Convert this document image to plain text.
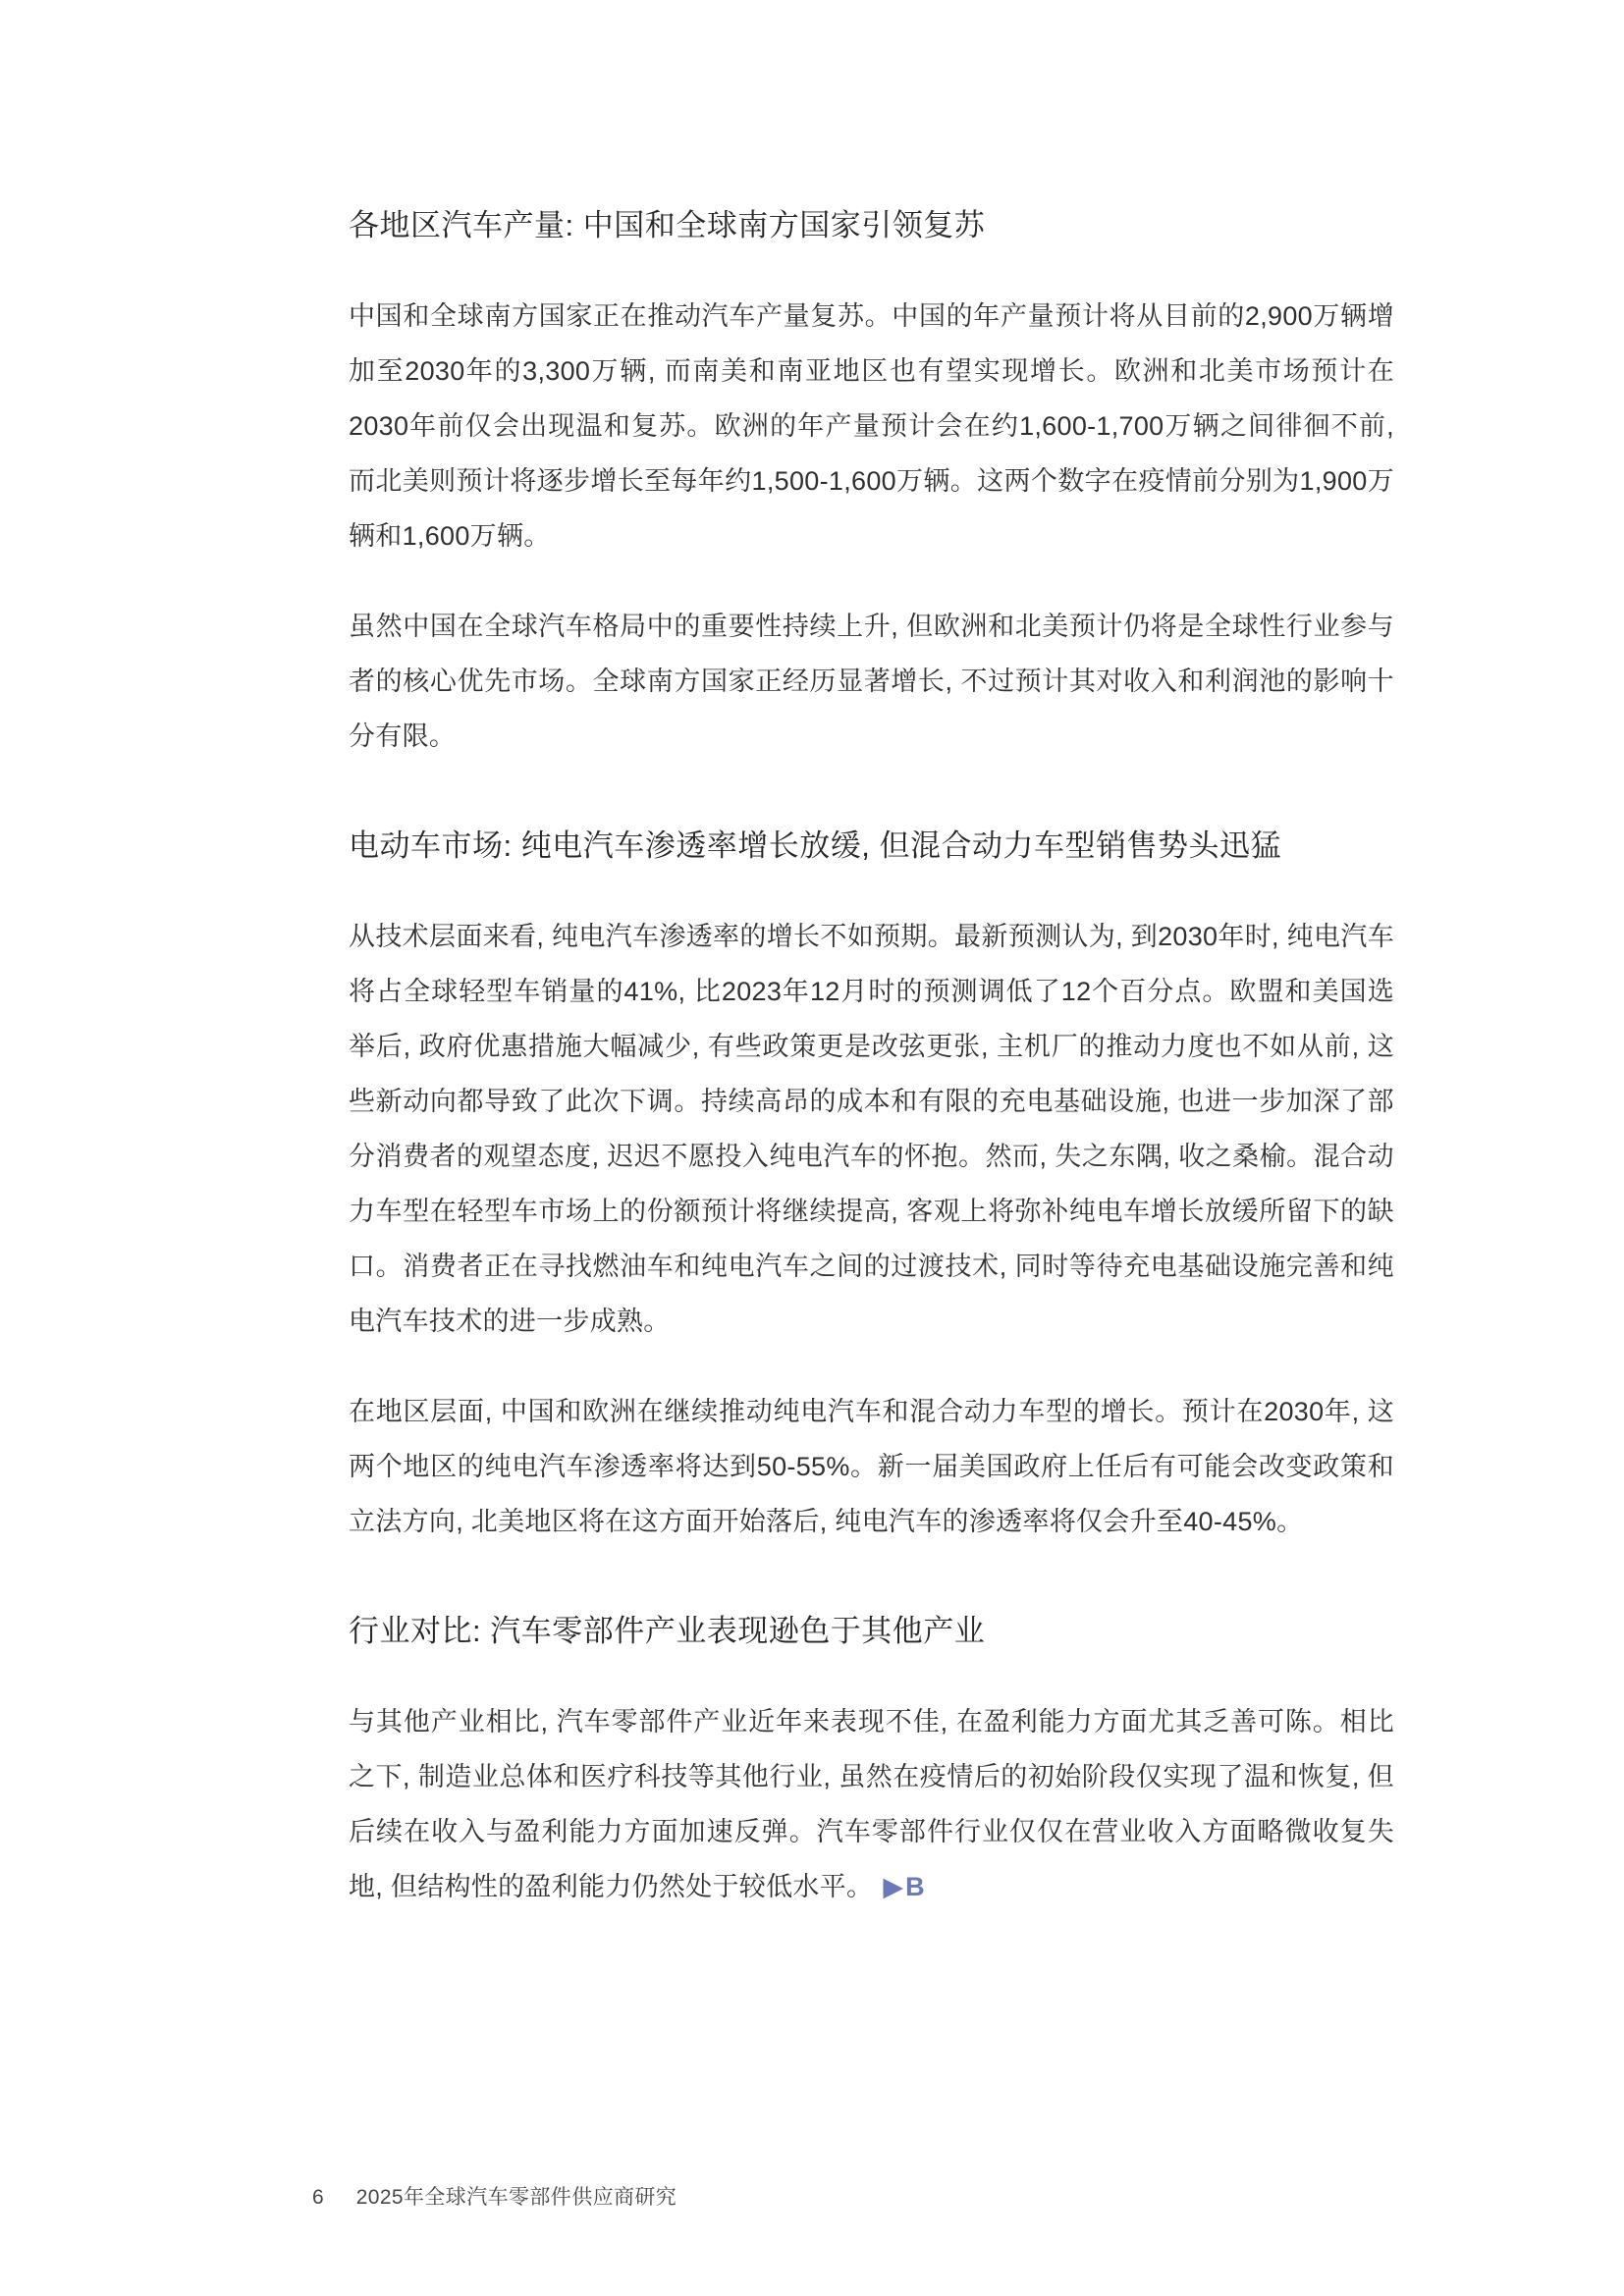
各地区汽车产量: 中国和全球南方国家引领复苏

中国和全球南方国家正在推动汽车产量复苏。中国的年产量预计将从目前的2,900万辆增加至2030年的3,300万辆, 而南美和南亚地区也有望实现增长。欧洲和北美市场预计在2030年前仅会出现温和复苏。欧洲的年产量预计会在约1,600-1,700万辆之间徘徊不前, 而北美则预计将逐步增长至每年约1,500-1,600万辆。这两个数字在疫情前分别为1,900万辆和1,600万辆。

虽然中国在全球汽车格局中的重要性持续上升, 但欧洲和北美预计仍将是全球性行业参与者的核心优先市场。全球南方国家正经历显著增长, 不过预计其对收入和利润池的影响十分有限。

电动车市场: 纯电汽车渗透率增长放缓, 但混合动力车型销售势头迅猛

从技术层面来看, 纯电汽车渗透率的增长不如预期。最新预测认为, 到2030年时, 纯电汽车将占全球轻型车销量的41%, 比2023年12月时的预测调低了12个百分点。欧盟和美国选举后, 政府优惠措施大幅减少, 有些政策更是改弦更张, 主机厂的推动力度也不如从前, 这些新动向都导致了此次下调。持续高昂的成本和有限的充电基础设施, 也进一步加深了部分消费者的观望态度, 迟迟不愿投入纯电汽车的怀抱。然而, 失之东隅, 收之桑榆。混合动力车型在轻型车市场上的份额预计将继续提高, 客观上将弥补纯电车增长放缓所留下的缺口。消费者正在寻找燃油车和纯电汽车之间的过渡技术, 同时等待充电基础设施完善和纯电汽车技术的进一步成熟。

在地区层面, 中国和欧洲在继续推动纯电汽车和混合动力车型的增长。预计在2030年, 这两个地区的纯电汽车渗透率将达到50-55%。新一届美国政府上任后有可能会改变政策和立法方向, 北美地区将在这方面开始落后, 纯电汽车的渗透率将仅会升至40-45%。

行业对比: 汽车零部件产业表现逊色于其他产业

与其他产业相比, 汽车零部件产业近年来表现不佳, 在盈利能力方面尤其乏善可陈。相比之下, 制造业总体和医疗科技等其他行业, 虽然在疫情后的初始阶段仅实现了温和恢复, 但后续在收入与盈利能力方面加速反弹。汽车零部件行业仅仅在营业收入方面略微收复失地, 但结构性的盈利能力仍然处于较低水平。 ▶B

6 2025年全球汽车零部件供应商研究
